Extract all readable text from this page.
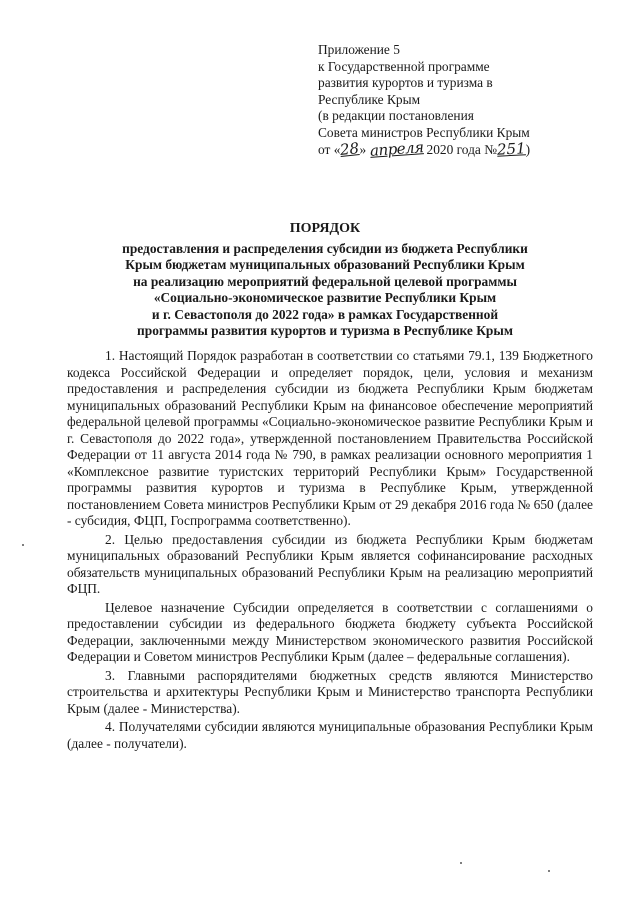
Приложение 5
к Государственной программе
развития курортов и туризма в
Республике Крым
(в редакции постановления
Совета министров Республики Крым
от «28» апреля 2020 года №251)
ПОРЯДОК
предоставления и распределения субсидии из бюджета Республики
Крым бюджетам муниципальных образований Республики Крым
на реализацию мероприятий федеральной целевой программы
«Социально-экономическое развитие Республики Крым
и г. Севастополя до 2022 года» в рамках Государственной
программы развития курортов и туризма в Республике Крым

1. Настоящий Порядок разработан в соответствии со статьями 79.1, 139 Бюджетного кодекса Российской Федерации и определяет порядок, цели, условия и механизм предоставления и распределения субсидии из бюджета Республики Крым бюджетам муниципальных образований Республики Крым на финансовое обеспечение мероприятий федеральной целевой программы «Социально-экономическое развитие Республики Крым и г. Севастополя до 2022 года», утвержденной постановлением Правительства Российской Федерации от 11 августа 2014 года № 790, в рамках реализации основного мероприятия 1 «Комплексное развитие туристских территорий Республики Крым» Государственной программы развития курортов и туризма в Республике Крым, утвержденной постановлением Совета министров Республики Крым от 29 декабря 2016 года № 650 (далее - субсидия, ФЦП, Госпрограмма соответственно).

2. Целью предоставления субсидии из бюджета Республики Крым бюджетам муниципальных образований Республики Крым является софинансирование расходных обязательств муниципальных образований Республики Крым на реализацию мероприятий ФЦП.

Целевое назначение Субсидии определяется в соответствии с соглашениями о предоставлении субсидии из федерального бюджета бюджету субъекта Российской Федерации, заключенными между Министерством экономического развития Российской Федерации и Советом министров Республики Крым (далее – федеральные соглашения).

3. Главными распорядителями бюджетных средств являются Министерство строительства и архитектуры Республики Крым и Министерство транспорта Республики Крым (далее - Министерства).

4. Получателями субсидии являются муниципальные образования Республики Крым (далее - получатели).
